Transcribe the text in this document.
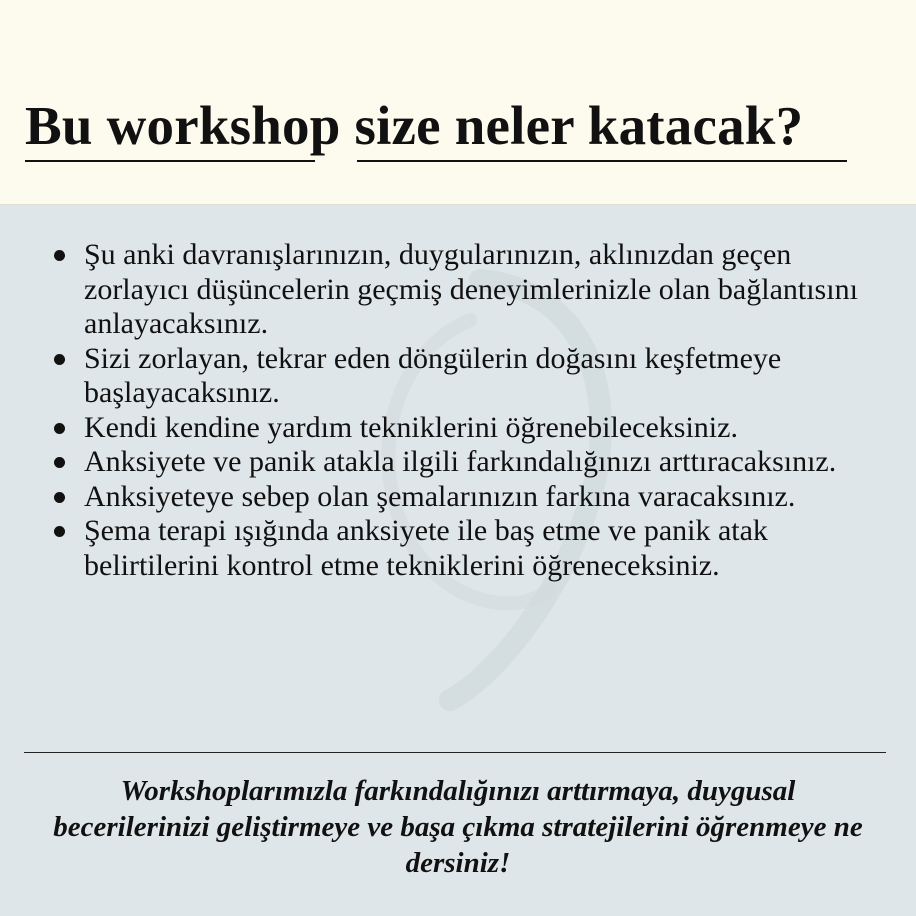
Bu workshop size neler katacak?
Şu anki davranışlarınızın, duygularınızın, aklınızdan geçen zorlayıcı düşüncelerin geçmiş deneyimlerinizle olan bağlantısını anlayacaksınız.
Sizi zorlayan, tekrar eden döngülerin doğasını keşfetmeye başlayacaksınız.
Kendi kendine yardım tekniklerini öğrenebileceksiniz.
Anksiyete ve panik atakla ilgili farkındalığınızı arttıracaksınız.
Anksiyeteye sebep olan şemalarınızın farkına varacaksınız.
Şema terapi ışığında anksiyete ile baş etme ve panik atak belirtilerini kontrol etme tekniklerini öğreneceksiniz.

Workshoplarımızla farkındalığınızı arttırmaya, duygusal becerilerinizi geliştirmeye ve başa çıkma stratejilerini öğrenmeye ne dersiniz!
